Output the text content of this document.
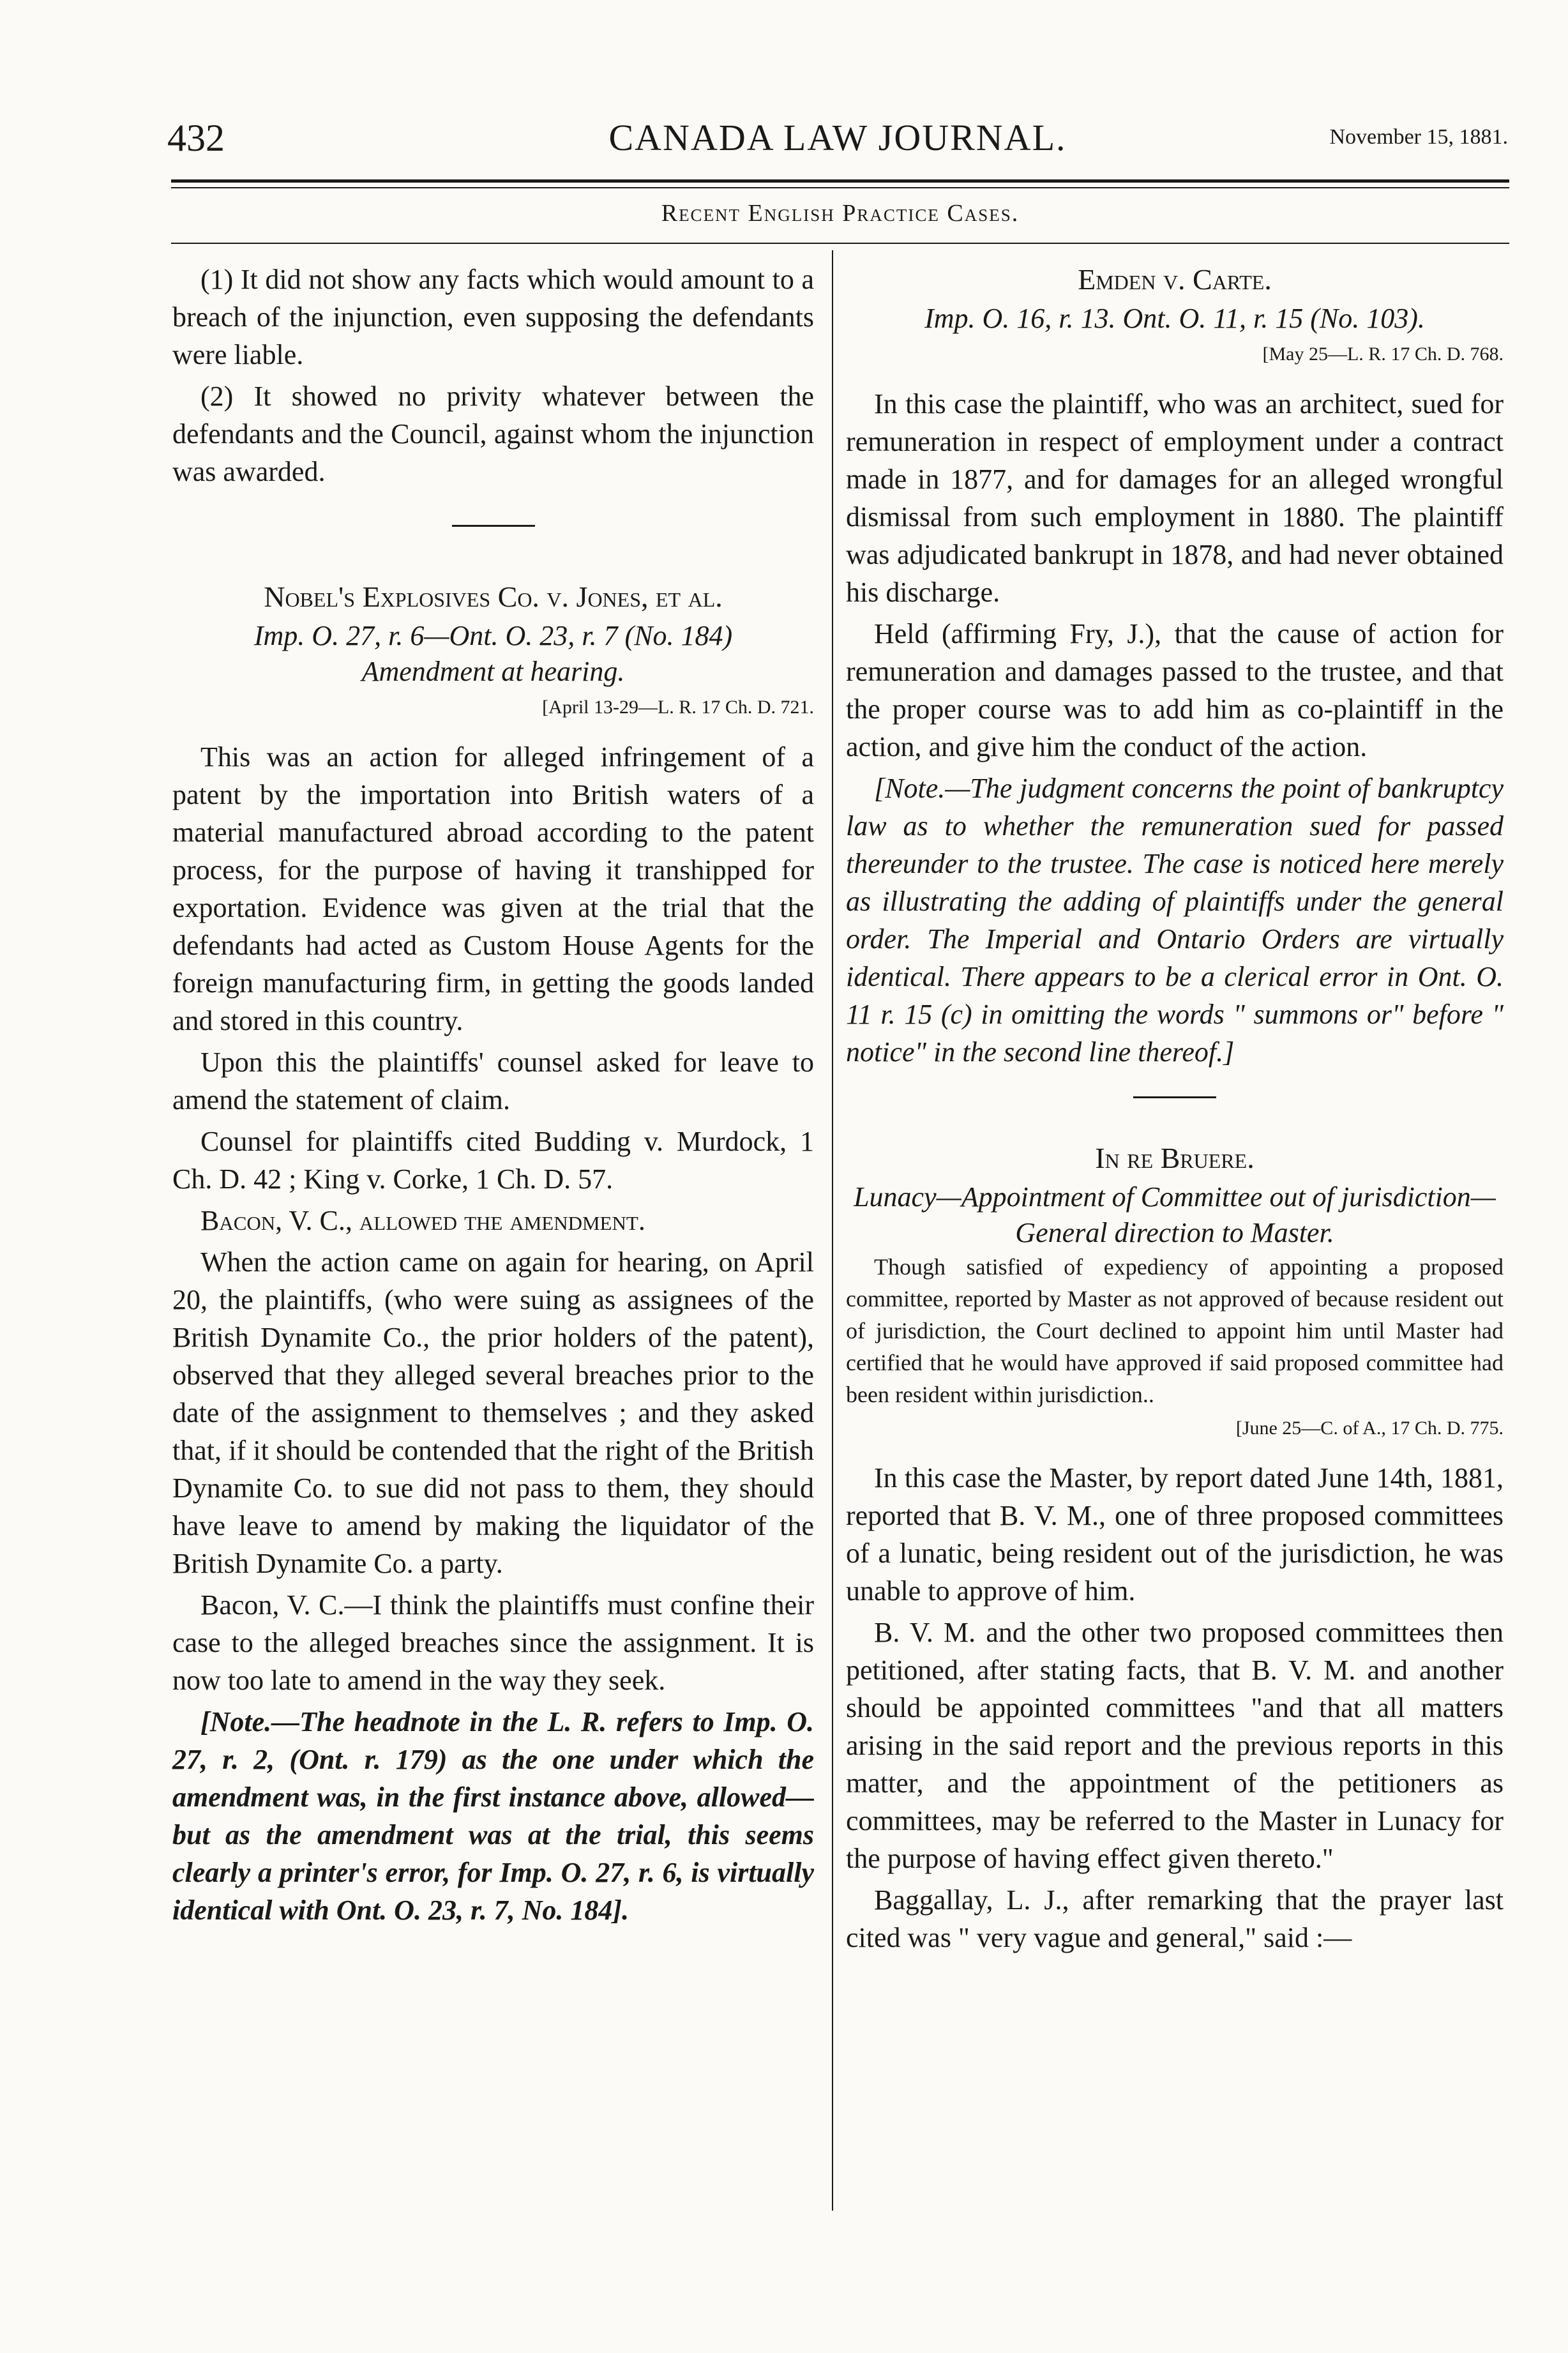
432	CANADA LAW JOURNAL.	November 15, 1881.
Recent English Practice Cases.

(1) It did not show any facts which would amount to a breach of the injunction, even supposing the defendants were liable.

(2) It showed no privity whatever between the defendants and the Council, against whom the injunction was awarded.

Nobel's Explosives Co. v. Jones, et al.
Imp. O. 27, r. 6—Ont. O. 23, r. 7 (No. 184)
Amendment at hearing.
[April 13-29—L. R. 17 Ch. D. 721.

This was an action for alleged infringement of a patent by the importation into British waters of a material manufactured abroad according to the patent process, for the purpose of having it transhipped for exportation. Evidence was given at the trial that the defendants had acted as Custom House Agents for the foreign manufacturing firm, in getting the goods landed and stored in this country.

Upon this the plaintiffs' counsel asked for leave to amend the statement of claim.

Counsel for plaintiffs cited Budding v. Murdock, 1 Ch. D. 42 ; King v. Corke, 1 Ch. D. 57.

Bacon, V. C., allowed the amendment.

When the action came on again for hearing, on April 20, the plaintiffs, (who were suing as assignees of the British Dynamite Co., the prior holders of the patent), observed that they alleged several breaches prior to the date of the assignment to themselves ; and they asked that, if it should be contended that the right of the British Dynamite Co. to sue did not pass to them, they should have leave to amend by making the liquidator of the British Dynamite Co. a party.

Bacon, V. C.—I think the plaintiffs must confine their case to the alleged breaches since the assignment. It is now too late to amend in the way they seek.

[Note.—The headnote in the L. R. refers to Imp. O. 27, r. 2, (Ont. r. 179) as the one under which the amendment was, in the first instance above, allowed—but as the amendment was at the trial, this seems clearly a printer's error, for Imp. O. 27, r. 6, is virtually identical with Ont. O. 23, r. 7, No. 184].

Emden v. Carte.
Imp. O. 16, r. 13. Ont. O. 11, r. 15 (No. 103).
[May 25—L. R. 17 Ch. D. 768.

In this case the plaintiff, who was an architect, sued for remuneration in respect of employment under a contract made in 1877, and for damages for an alleged wrongful dismissal from such employment in 1880. The plaintiff was adjudicated bankrupt in 1878, and had never obtained his discharge.

Held (affirming Fry, J.), that the cause of action for remuneration and damages passed to the trustee, and that the proper course was to add him as co-plaintiff in the action, and give him the conduct of the action.

[Note.—The judgment concerns the point of bankruptcy law as to whether the remuneration sued for passed thereunder to the trustee. The case is noticed here merely as illustrating the adding of plaintiffs under the general order. The Imperial and Ontario Orders are virtually identical. There appears to be a clerical error in Ont. O. 11 r. 15 (c) in omitting the words " summons or" before " notice" in the second line thereof.]

In re Bruere.
Lunacy—Appointment of Committee out of jurisdiction—General direction to Master.

Though satisfied of expediency of appointing a proposed committee, reported by Master as not approved of because resident out of jurisdiction, the Court declined to appoint him until Master had certified that he would have approved if said proposed committee had been resident within jurisdiction..

[June 25—C. of A., 17 Ch. D. 775.

In this case the Master, by report dated June 14th, 1881, reported that B. V. M., one of three proposed committees of a lunatic, being resident out of the jurisdiction, he was unable to approve of him.

B. V. M. and the other two proposed committees then petitioned, after stating facts, that B. V. M. and another should be appointed committees "and that all matters arising in the said report and the previous reports in this matter, and the appointment of the petitioners as committees, may be referred to the Master in Lunacy for the purpose of having effect given thereto."

Baggallay, L. J., after remarking that the prayer last cited was " very vague and general," said :—
